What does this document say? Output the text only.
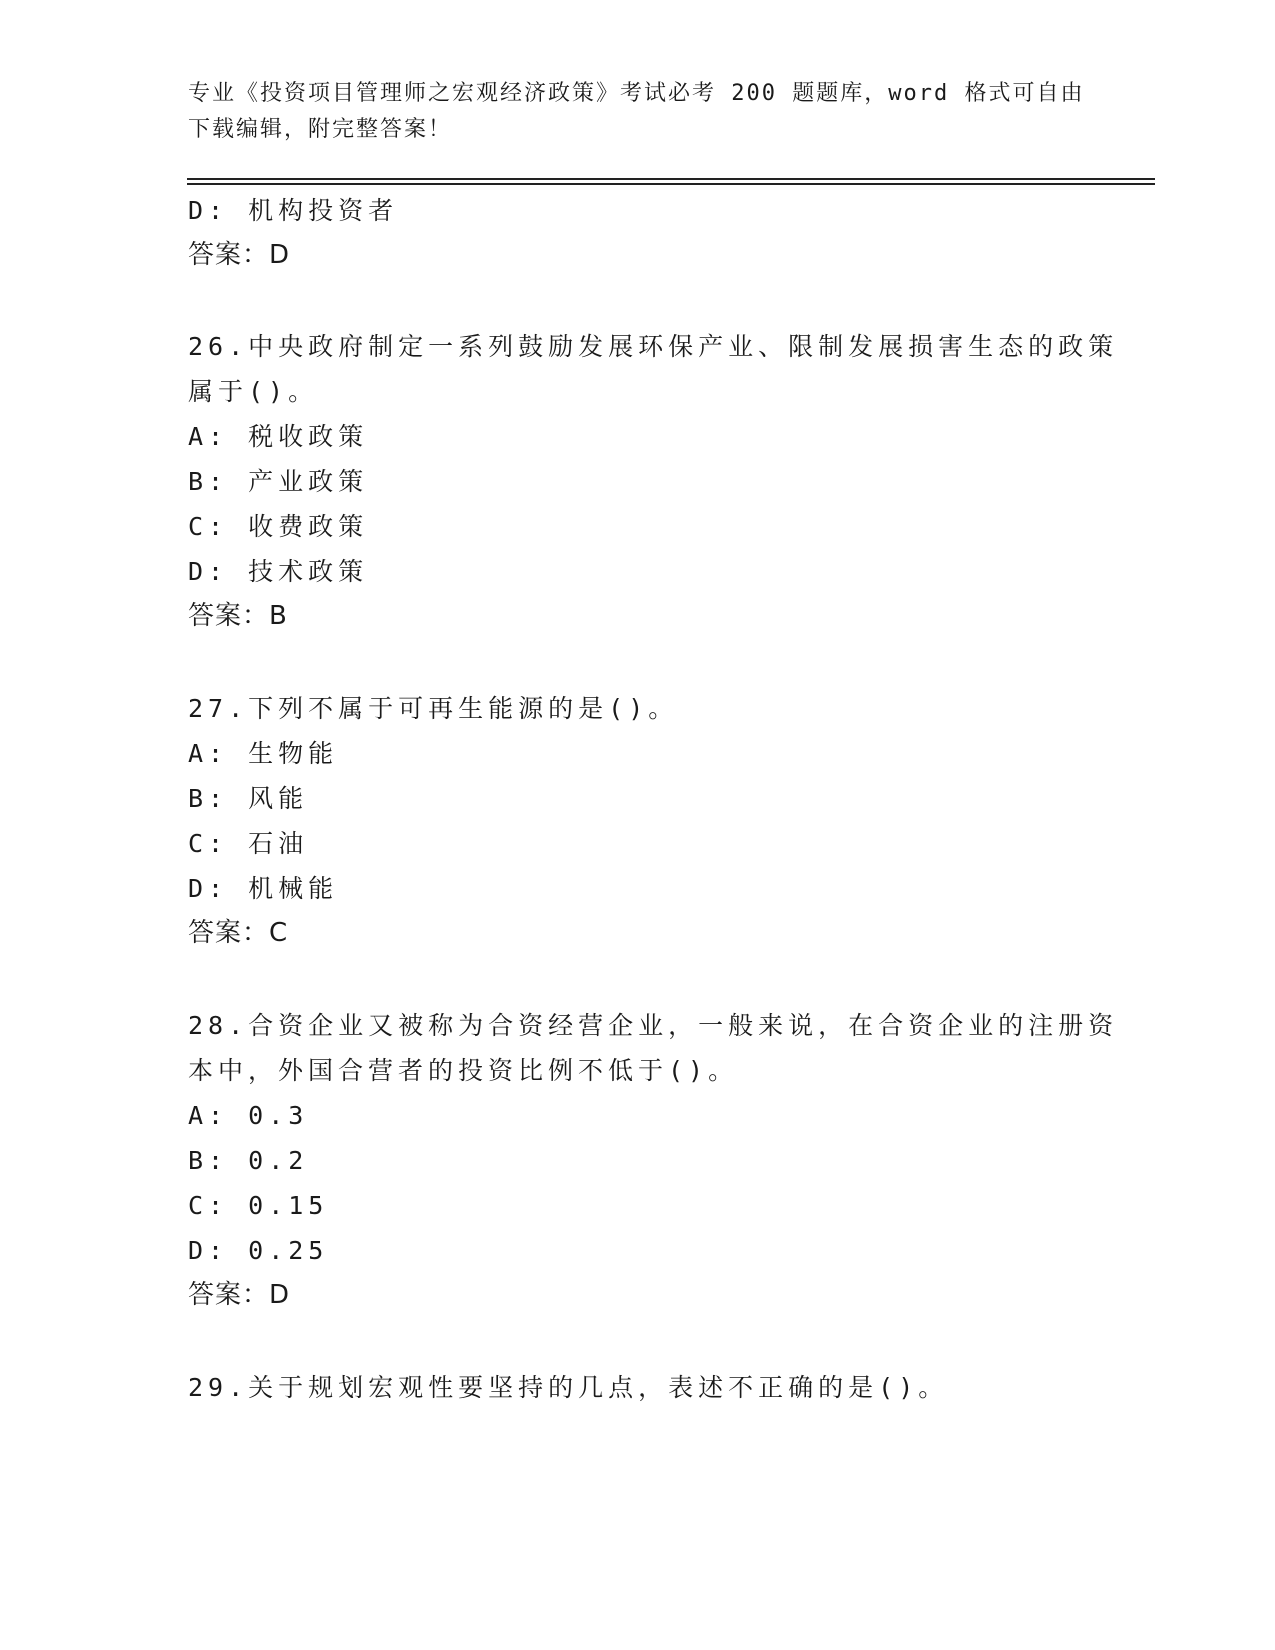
专业《投资项目管理师之宏观经济政策》考试必考 200 题题库，word 格式可自由
下载编辑，附完整答案！
D: 机构投资者
答案：D
26.中央政府制定一系列鼓励发展环保产业、限制发展损害生态的政策
属于()。
A: 税收政策
B: 产业政策
C: 收费政策
D: 技术政策
答案：B
27.下列不属于可再生能源的是()。
A: 生物能
B: 风能
C: 石油
D: 机械能
答案：C
28.合资企业又被称为合资经营企业，一般来说，在合资企业的注册资
本中，外国合营者的投资比例不低于()。
A: 0.3
B: 0.2
C: 0.15
D: 0.25
答案：D
29.关于规划宏观性要坚持的几点，表述不正确的是()。
